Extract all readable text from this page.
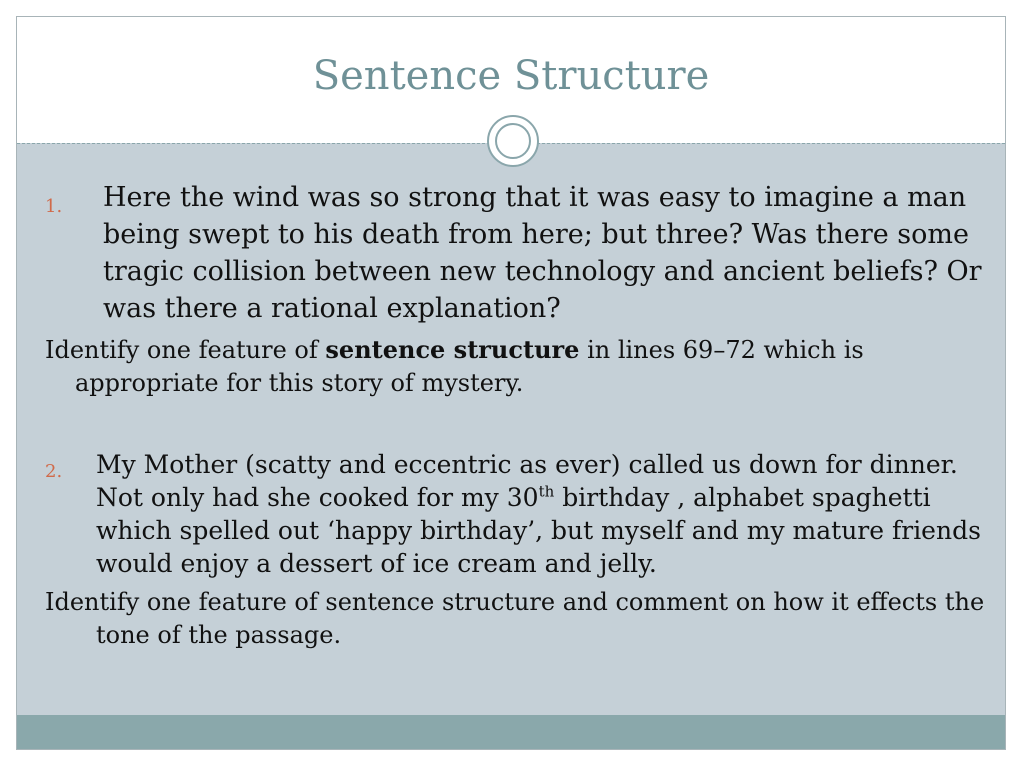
Sentence Structure
1. Here the wind was so strong that it was easy to imagine a man being swept to his death from here; but three? Was there some tragic collision between new technology and ancient beliefs? Or was there a rational explanation?
Identify one feature of sentence structure in lines 69–72 which is appropriate for this story of mystery.
2. My Mother (scatty and eccentric as ever) called us down for dinner. Not only had she cooked for my 30th birthday , alphabet spaghetti which spelled out ‘happy birthday’, but myself and my mature friends would enjoy a dessert of ice cream and jelly.
Identify one feature of sentence structure and comment on how it effects the tone of the passage.
